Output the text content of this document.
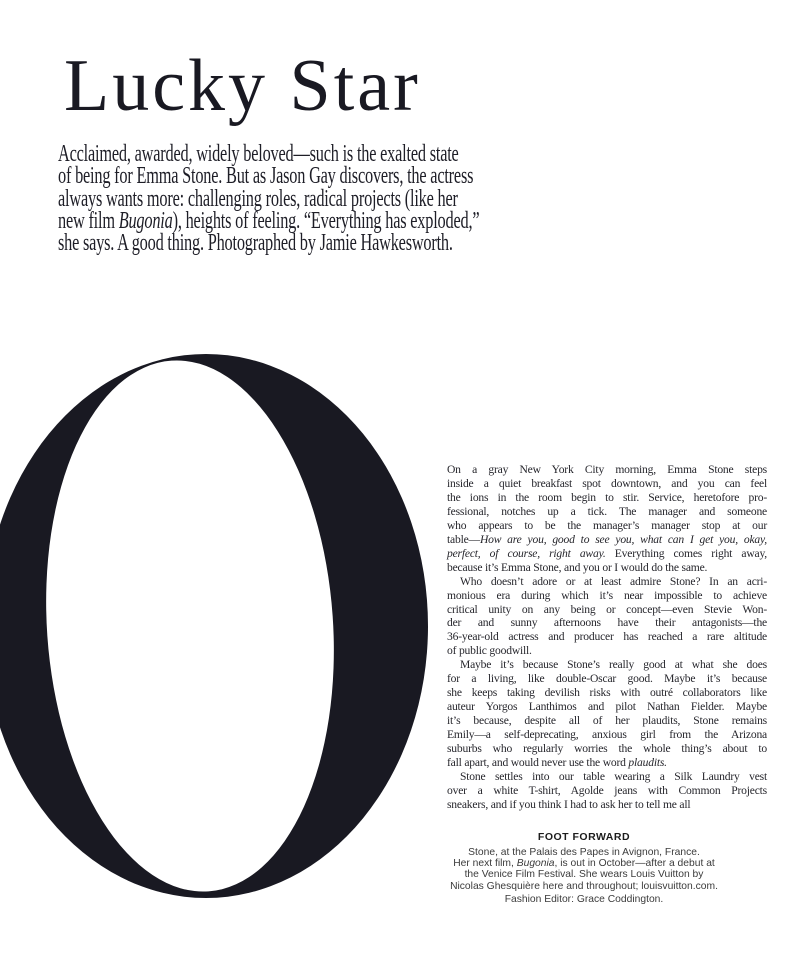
Lucky Star
Acclaimed, awarded, widely beloved—such is the exalted state
of being for Emma Stone. But as Jason Gay discovers, the actress
always wants more: challenging roles, radical projects (like her
new film Bugonia), heights of feeling. “Everything has exploded,”
she says. A good thing. Photographed by Jamie Hawkesworth.
On a gray New York City morning, Emma Stone steps
inside a quiet breakfast spot downtown, and you can feel
the ions in the room begin to stir. Service, heretofore pro-
fessional, notches up a tick. The manager and someone
who appears to be the manager’s manager stop at our
table—How are you, good to see you, what can I get you, okay,
perfect, of course, right away. Everything comes right away,
because it’s Emma Stone, and you or I would do the same.
Who doesn’t adore or at least admire Stone? In an acri-
monious era during which it’s near impossible to achieve
critical unity on any being or concept—even Stevie Won-
der and sunny afternoons have their antagonists—the
36-year-old actress and producer has reached a rare altitude
of public goodwill.
Maybe it’s because Stone’s really good at what she does
for a living, like double-Oscar good. Maybe it’s because
she keeps taking devilish risks with outré collaborators like
auteur Yorgos Lanthimos and pilot Nathan Fielder. Maybe
it’s because, despite all of her plaudits, Stone remains
Emily—a self-deprecating, anxious girl from the Arizona
suburbs who regularly worries the whole thing’s about to
fall apart, and would never use the word plaudits.
Stone settles into our table wearing a Silk Laundry vest
over a white T-shirt, Agolde jeans with Common Projects
sneakers, and if you think I had to ask her to tell me all
FOOT FORWARD
Stone, at the Palais des Papes in Avignon, France.
Her next film, Bugonia, is out in October—after a debut at
the Venice Film Festival. She wears Louis Vuitton by
Nicolas Ghesquière here and throughout; louisvuitton.com.
Fashion Editor: Grace Coddington.
